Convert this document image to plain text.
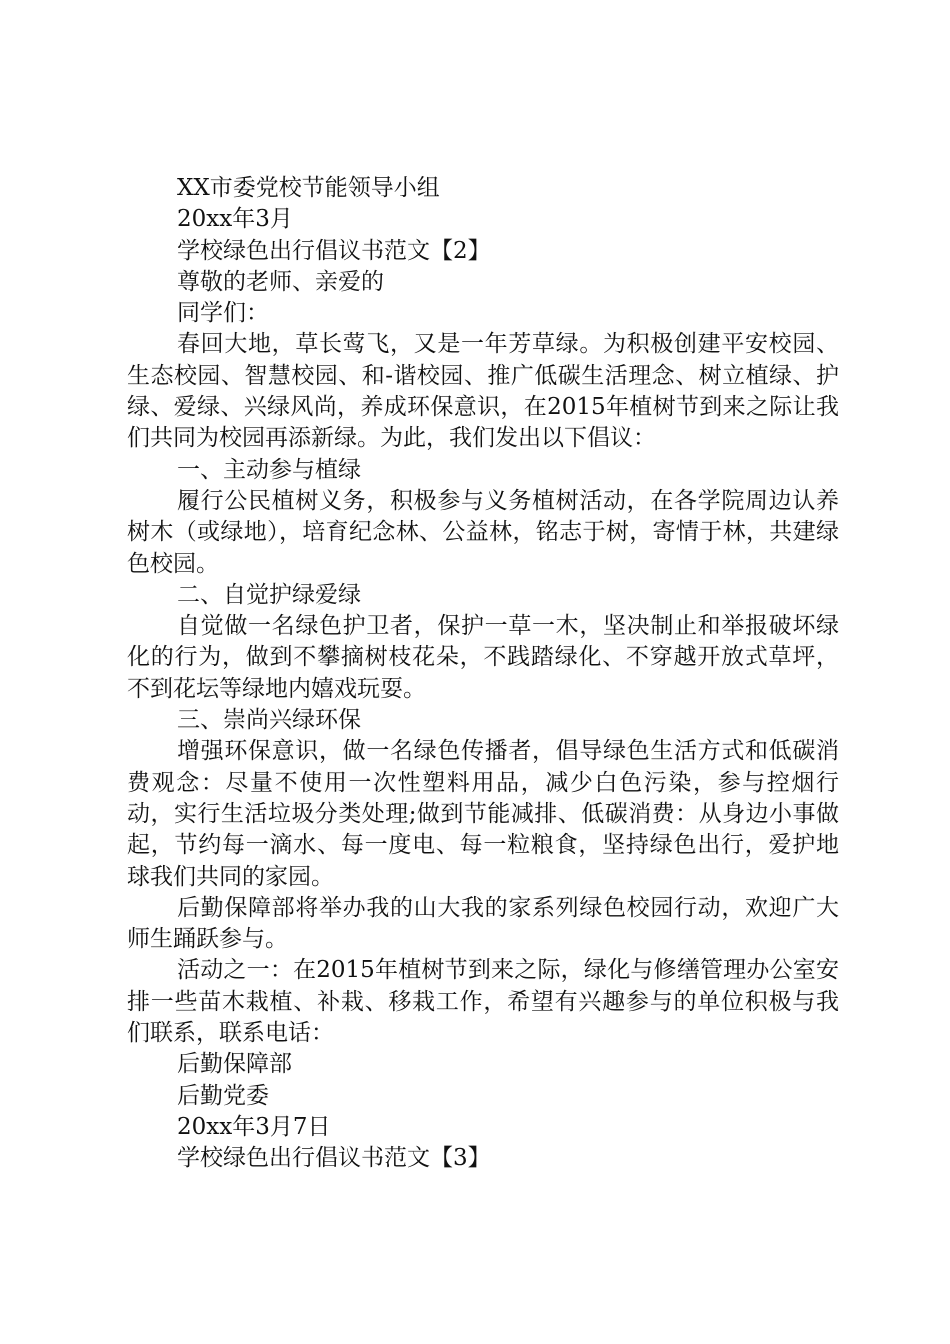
XX市委党校节能领导小组

20xx年3月

学校绿色出行倡议书范文【2】

尊敬的老师、亲爱的

同学们：

春回大地，草长莺飞，又是一年芳草绿。为积极创建平安校园、生态校园、智慧校园、和-谐校园、推广低碳生活理念、树立植绿、护绿、爱绿、兴绿风尚，养成环保意识，在2015年植树节到来之际让我们共同为校园再添新绿。为此，我们发出以下倡议：

一、主动参与植绿

履行公民植树义务，积极参与义务植树活动，在各学院周边认养树木（或绿地），培育纪念林、公益林，铭志于树，寄情于林，共建绿色校园。

二、自觉护绿爱绿

自觉做一名绿色护卫者，保护一草一木，坚决制止和举报破坏绿化的行为，做到不攀摘树枝花朵，不践踏绿化、不穿越开放式草坪，不到花坛等绿地内嬉戏玩耍。

三、崇尚兴绿环保

增强环保意识，做一名绿色传播者，倡导绿色生活方式和低碳消费观念：尽量不使用一次性塑料用品，减少白色污染，参与控烟行动，实行生活垃圾分类处理;做到节能减排、低碳消费：从身边小事做起，节约每一滴水、每一度电、每一粒粮食，坚持绿色出行，爱护地球我们共同的家园。

后勤保障部将举办我的山大我的家系列绿色校园行动，欢迎广大师生踊跃参与。

活动之一：在2015年植树节到来之际，绿化与修缮管理办公室安排一些苗木栽植、补栽、移栽工作，希望有兴趣参与的单位积极与我们联系，联系电话：

后勤保障部

后勤党委

20xx年3月7日

学校绿色出行倡议书范文【3】
